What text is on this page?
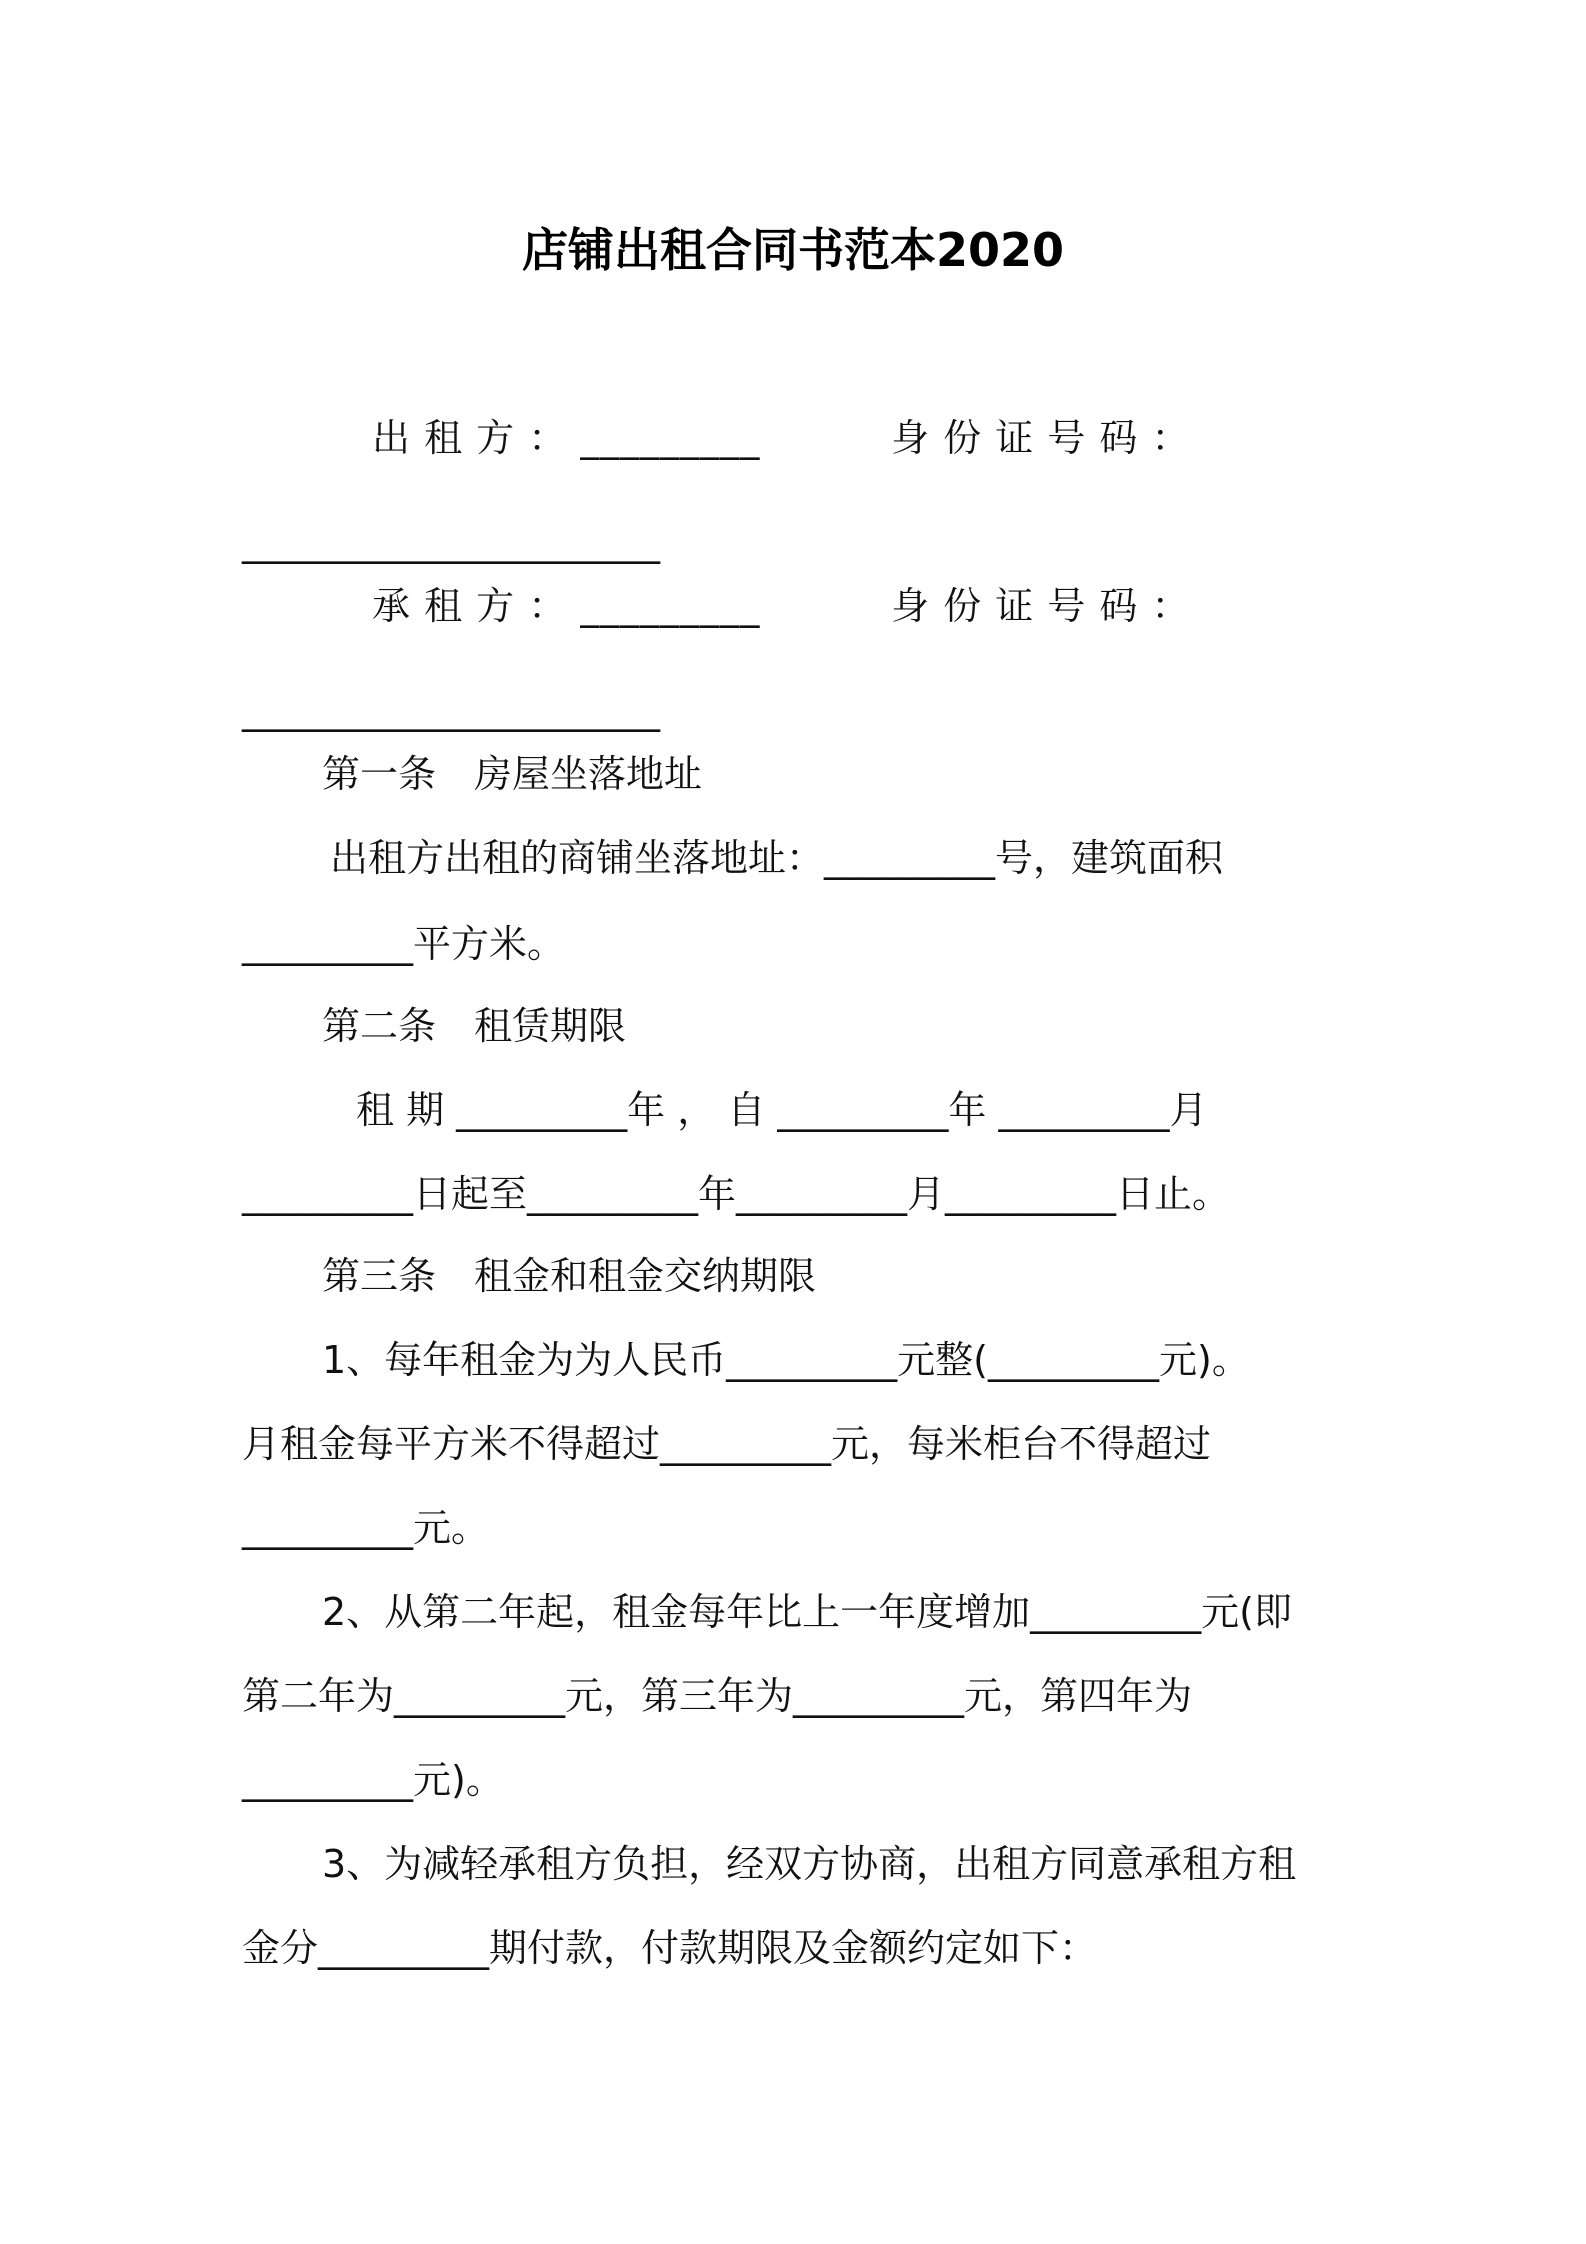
店铺出租合同书范本2020
出 租 方 ： _________          身 份 证 号 码 ：
______________________
承 租 方 ： _________          身 份 证 号 码 ：
______________________
第一条　房屋坐落地址
出租方出租的商铺坐落地址：_________号，建筑面积
_________平方米。
第二条　租赁期限
租 期 _________年 ， 自 _________年 _________月
_________日起至_________年_________月_________日止。
第三条　租金和租金交纳期限
1、每年租金为为人民币_________元整(_________元)。
月租金每平方米不得超过_________元，每米柜台不得超过
_________元。
2、从第二年起，租金每年比上一年度增加_________元(即
第二年为_________元，第三年为_________元，第四年为
_________元)。
3、为减轻承租方负担，经双方协商，出租方同意承租方租
金分_________期付款，付款期限及金额约定如下：
